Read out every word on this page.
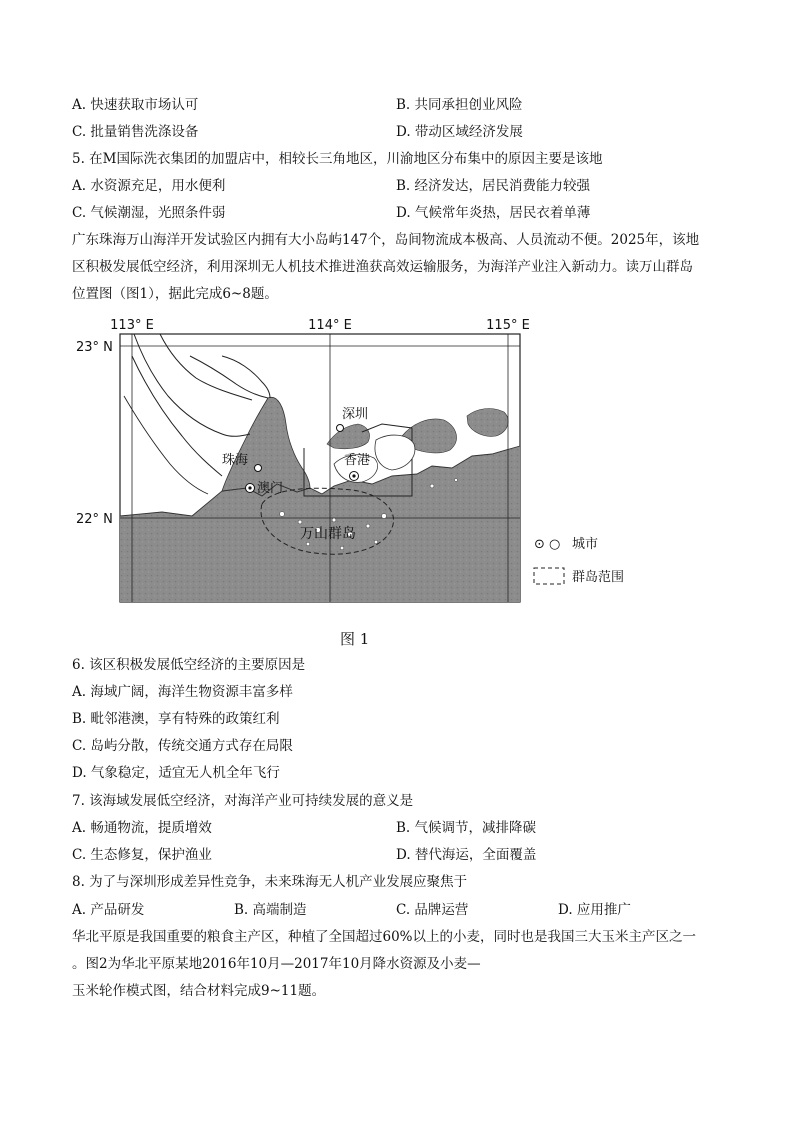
A. 快速获取市场认可	B. 共同承担创业风险
C. 批量销售洗涤设备	D. 带动区域经济发展
5. 在M国际洗衣集团的加盟店中，相较长三角地区，川渝地区分布集中的原因主要是该地
A. 水资源充足，用水便利	B. 经济发达，居民消费能力较强
C. 气候潮湿，光照条件弱	D. 气候常年炎热，居民衣着单薄
广东珠海万山海洋开发试验区内拥有大小岛屿147个，岛间物流成本极高、人员流动不便。2025年，该地
区积极发展低空经济，利用深圳无人机技术推进渔获高效运输服务，为海洋产业注入新动力。读万山群岛
位置图（图1），据此完成6~8题。
113° E	114° E	115° E
23° N
22° N
深圳
珠海	香港
澳门
万山群岛
⊙ ○ 城市
群岛范围
图 1
6. 该区积极发展低空经济的主要原因是
A. 海域广阔，海洋生物资源丰富多样
B. 毗邻港澳，享有特殊的政策红利
C. 岛屿分散，传统交通方式存在局限
D. 气象稳定，适宜无人机全年飞行
7. 该海域发展低空经济，对海洋产业可持续发展的意义是
A. 畅通物流，提质增效	B. 气候调节，减排降碳
C. 生态修复，保护渔业	D. 替代海运，全面覆盖
8. 为了与深圳形成差异性竞争，未来珠海无人机产业发展应聚焦于
A. 产品研发	B. 高端制造	C. 品牌运营	D. 应用推广
华北平原是我国重要的粮食主产区，种植了全国超过60%以上的小麦，同时也是我国三大玉米主产区之一
。图2为华北平原某地2016年10月—2017年10月降水资源及小麦—
玉米轮作模式图，结合材料完成9~11题。
